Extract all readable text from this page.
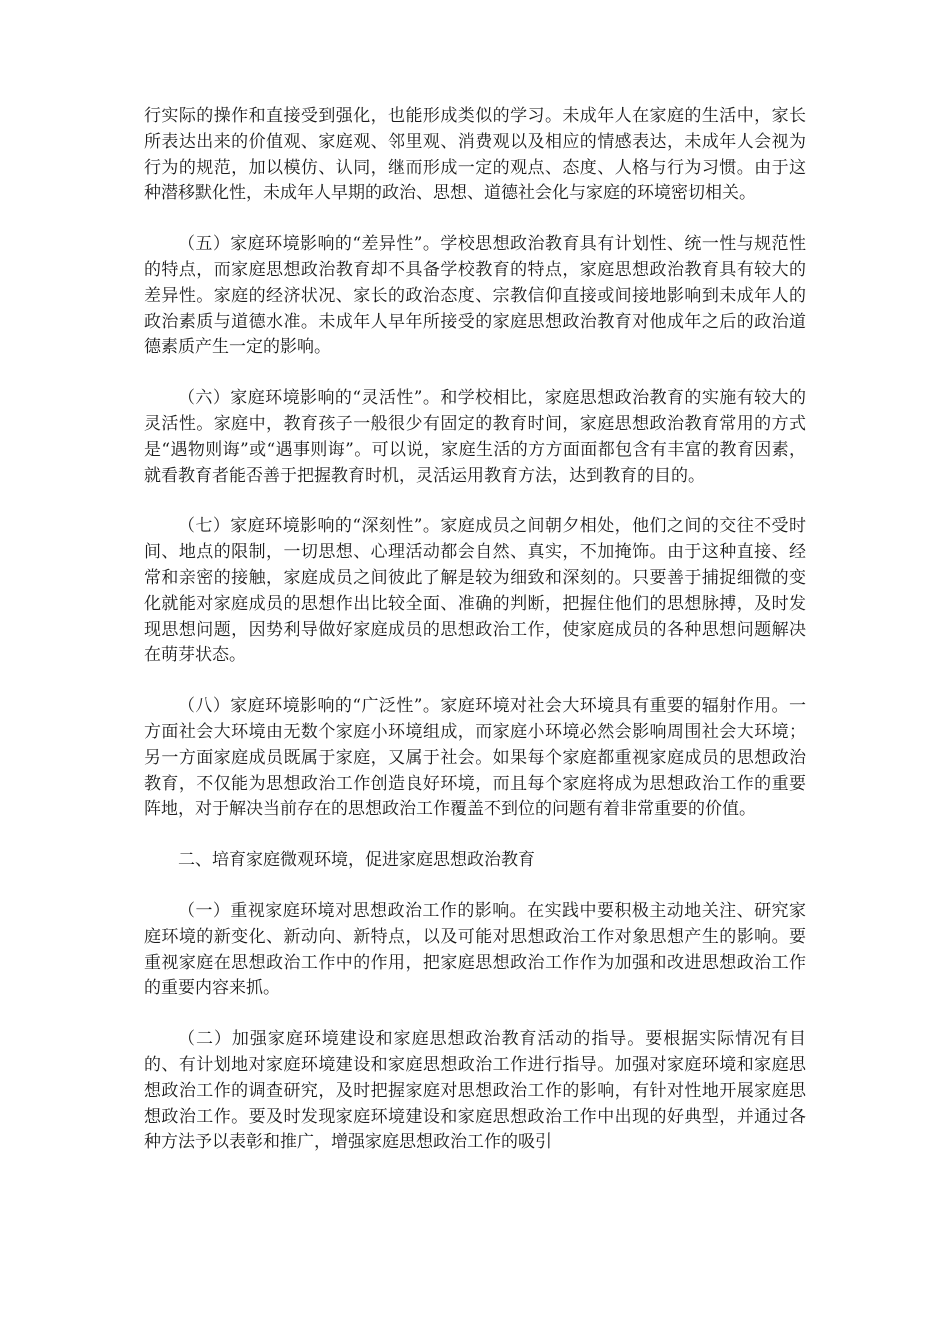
行实际的操作和直接受到强化，也能形成类似的学习。未成年人在家庭的生活中，家长所表达出来的价值观、家庭观、邻里观、消费观以及相应的情感表达，未成年人会视为行为的规范，加以模仿、认同，继而形成一定的观点、态度、人格与行为习惯。由于这种潜移默化性，未成年人早期的政治、思想、道德社会化与家庭的环境密切相关。

（五）家庭环境影响的“差异性”。学校思想政治教育具有计划性、统一性与规范性的特点，而家庭思想政治教育却不具备学校教育的特点，家庭思想政治教育具有较大的差异性。家庭的经济状况、家长的政治态度、宗教信仰直接或间接地影响到未成年人的政治素质与道德水准。未成年人早年所接受的家庭思想政治教育对他成年之后的政治道德素质产生一定的影响。

（六）家庭环境影响的“灵活性”。和学校相比，家庭思想政治教育的实施有较大的灵活性。家庭中，教育孩子一般很少有固定的教育时间，家庭思想政治教育常用的方式是“遇物则诲”或“遇事则诲”。可以说，家庭生活的方方面面都包含有丰富的教育因素，就看教育者能否善于把握教育时机，灵活运用教育方法，达到教育的目的。

（七）家庭环境影响的“深刻性”。家庭成员之间朝夕相处，他们之间的交往不受时间、地点的限制，一切思想、心理活动都会自然、真实，不加掩饰。由于这种直接、经常和亲密的接触，家庭成员之间彼此了解是较为细致和深刻的。只要善于捕捉细微的变化就能对家庭成员的思想作出比较全面、准确的判断，把握住他们的思想脉搏，及时发现思想问题，因势利导做好家庭成员的思想政治工作，使家庭成员的各种思想问题解决在萌芽状态。

（八）家庭环境影响的“广泛性”。家庭环境对社会大环境具有重要的辐射作用。一方面社会大环境由无数个家庭小环境组成，而家庭小环境必然会影响周围社会大环境；另一方面家庭成员既属于家庭，又属于社会。如果每个家庭都重视家庭成员的思想政治教育，不仅能为思想政治工作创造良好环境，而且每个家庭将成为思想政治工作的重要阵地，对于解决当前存在的思想政治工作覆盖不到位的问题有着非常重要的价值。

二、培育家庭微观环境，促进家庭思想政治教育

（一）重视家庭环境对思想政治工作的影响。在实践中要积极主动地关注、研究家庭环境的新变化、新动向、新特点，以及可能对思想政治工作对象思想产生的影响。要重视家庭在思想政治工作中的作用，把家庭思想政治工作作为加强和改进思想政治工作的重要内容来抓。

（二）加强家庭环境建设和家庭思想政治教育活动的指导。要根据实际情况有目的、有计划地对家庭环境建设和家庭思想政治工作进行指导。加强对家庭环境和家庭思想政治工作的调查研究，及时把握家庭对思想政治工作的影响，有针对性地开展家庭思想政治工作。要及时发现家庭环境建设和家庭思想政治工作中出现的好典型，并通过各种方法予以表彰和推广，增强家庭思想政治工作的吸引
